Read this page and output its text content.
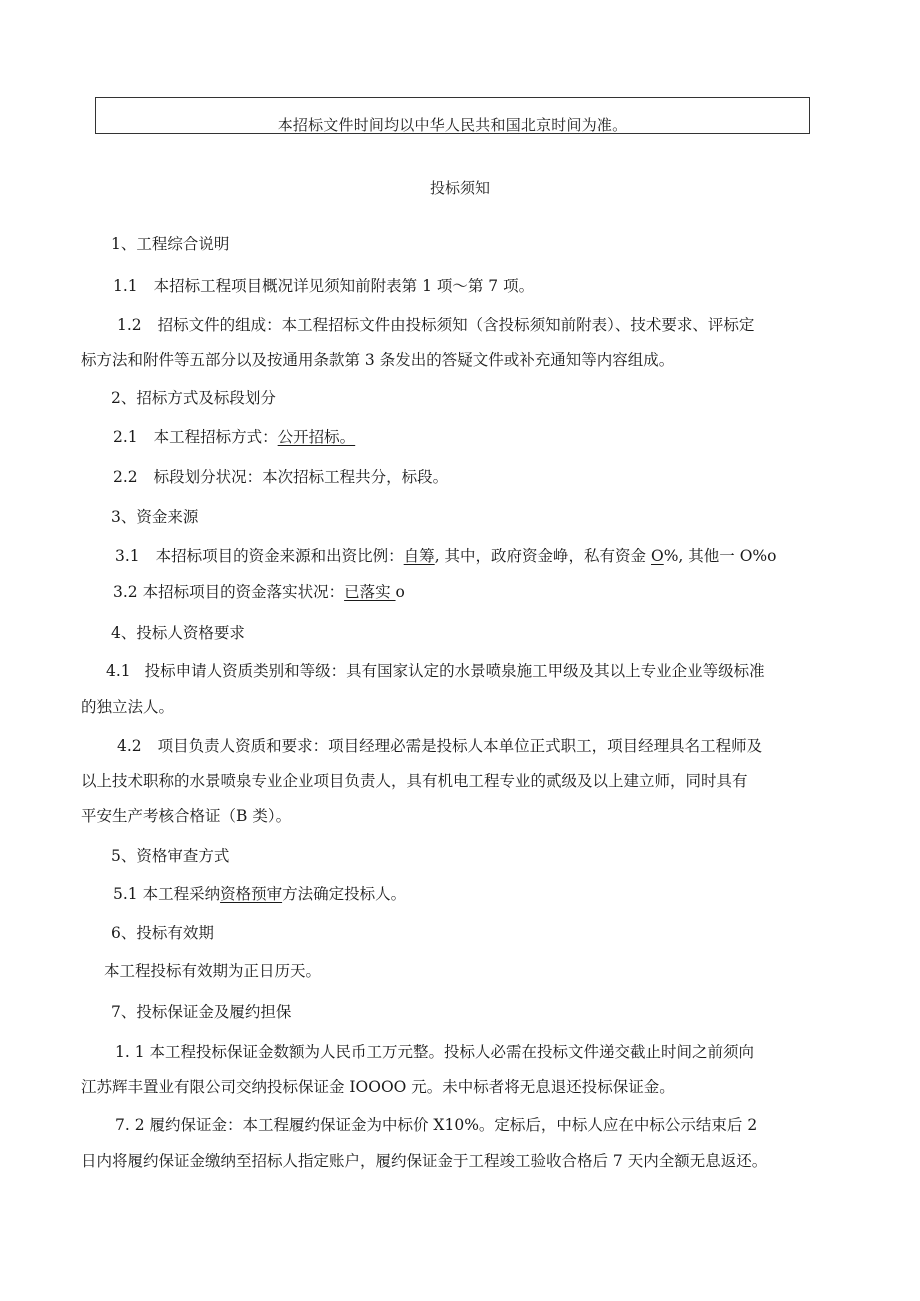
本招标文件时间均以中华人民共和国北京时间为准。
投标须知
1、工程综合说明
1.1 本招标工程项目概况详见须知前附表第 1 项～第 7 项。
1.2 招标文件的组成：本工程招标文件由投标须知（含投标须知前附表）、技术要求、评标定
标方法和附件等五部分以及按通用条款第 3 条发出的答疑文件或补充通知等内容组成。
2、招标方式及标段划分
2.1 本工程招标方式：公开招标。
2.2 标段划分状况：本次招标工程共分，标段。
3、资金来源
3.1 本招标项目的资金来源和出资比例：自筹, 其中，政府资金峥，私有资金 O%, 其他一 O%o
3.2 本招标项目的资金落实状况：已落实 o
4、投标人资格要求
4.1 投标申请人资质类别和等级：具有国家认定的水景喷泉施工甲级及其以上专业企业等级标准
的独立法人。
4.2 项目负责人资质和要求：项目经理必需是投标人本单位正式职工，项目经理具名工程师及
以上技术职称的水景喷泉专业企业项目负责人，具有机电工程专业的贰级及以上建立师，同时具有
平安生产考核合格证（B 类）。
5、资格审查方式
5.1 本工程采纳资格预审方法确定投标人。
6、投标有效期
本工程投标有效期为正日历天。
7、投标保证金及履约担保
1. 1 本工程投标保证金数额为人民币工万元整。投标人必需在投标文件递交截止时间之前须向
江苏辉丰置业有限公司交纳投标保证金 IOOOO 元。未中标者将无息退还投标保证金。
7. 2 履约保证金：本工程履约保证金为中标价 X10%。定标后，中标人应在中标公示结束后 2
日内将履约保证金缴纳至招标人指定账户，履约保证金于工程竣工验收合格后 7 天内全额无息返还。
